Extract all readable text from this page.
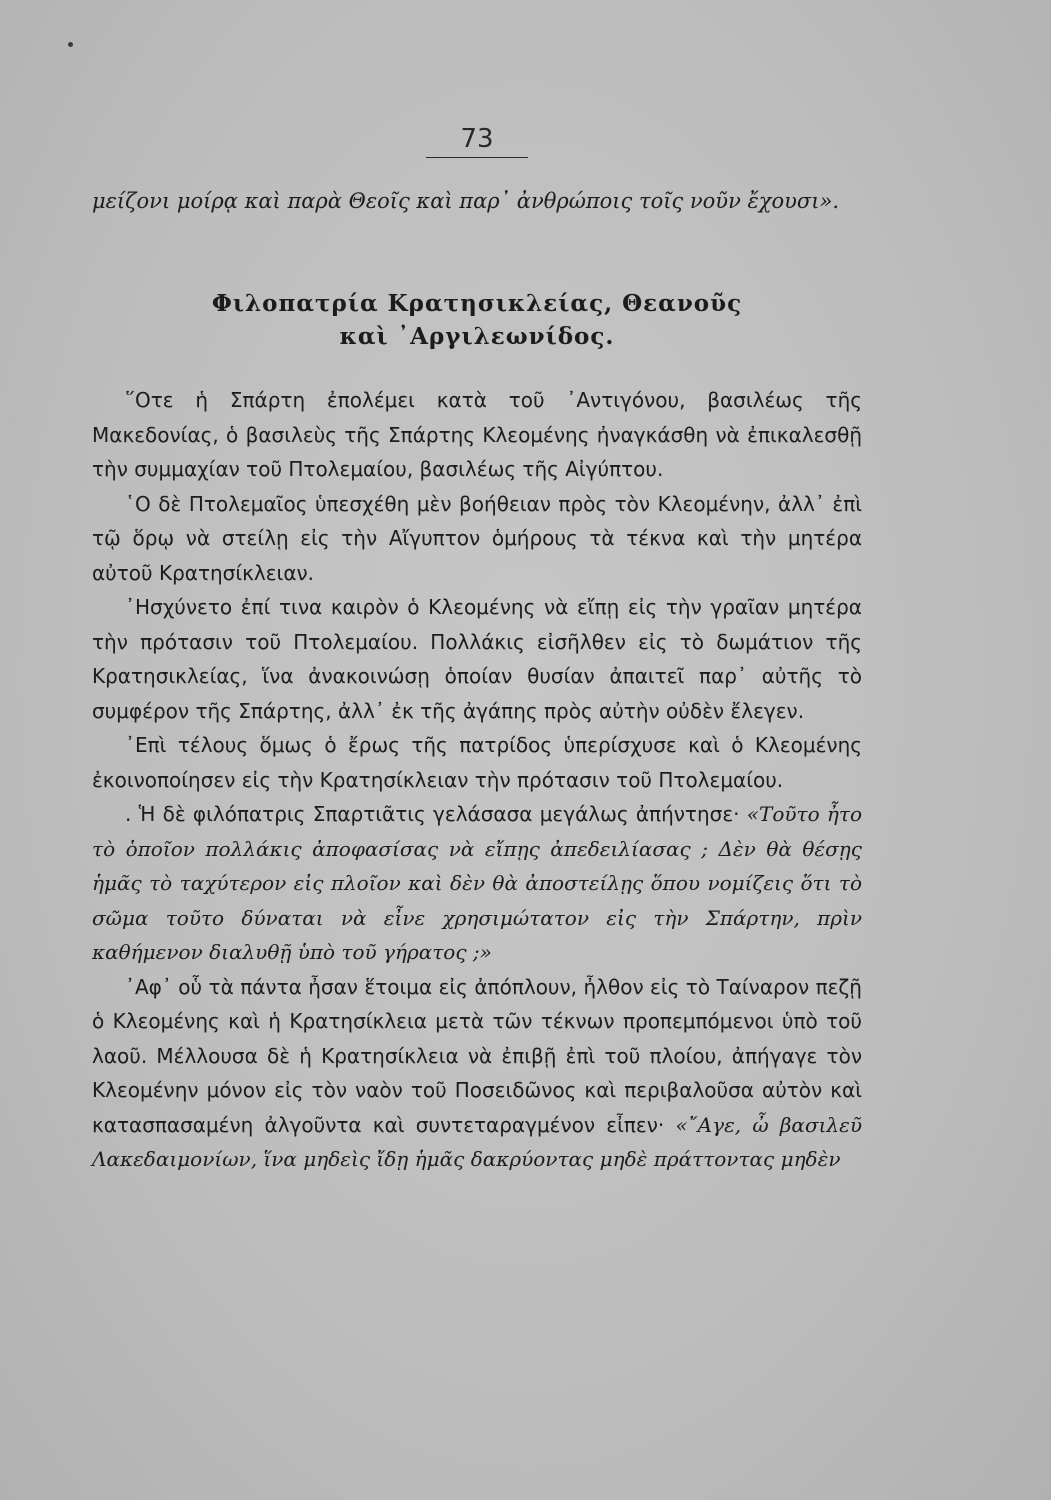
73
μείζονι μοίρᾳ καὶ παρὰ Θεοῖς καὶ παρ᾿ ἀνθρώποις τοῖς νοῦν ἔχουσι».
Φιλοπατρία Κρατησικλείας, Θεανοῦς
καὶ ᾿Αργιλεωνίδος.

῞Οτε ἡ Σπάρτη ἐπολέμει κατὰ τοῦ ᾿Αντιγόνου, βασιλέως τῆς Μακεδονίας, ὁ βασιλεὺς τῆς Σπάρτης Κλεομένης ἠναγκάσθη νὰ ἐπικαλεσθῇ τὴν συμμαχίαν τοῦ Πτολεμαίου, βασιλέως τῆς Αἰγύπτου.

῾Ο δὲ Πτολεμαῖος ὑπεσχέθη μὲν βοήθειαν πρὸς τὸν Κλεομένην, ἀλλ᾿ ἐπὶ τῷ ὅρῳ νὰ στείλῃ εἰς τὴν Αἴγυπτον ὁμήρους τὰ τέκνα καὶ τὴν μητέρα αὐτοῦ Κρατησίκλειαν.

᾿Ησχύνετο ἐπί τινα καιρὸν ὁ Κλεομένης νὰ εἴπῃ εἰς τὴν γραῖαν μητέρα τὴν πρότασιν τοῦ Πτολεμαίου. Πολλάκις εἰσῆλθεν εἰς τὸ δωμάτιον τῆς Κρατησικλείας, ἵνα ἀνακοινώσῃ ὁποίαν θυσίαν ἀπαιτεῖ παρ᾿ αὐτῆς τὸ συμφέρον τῆς Σπάρτης, ἀλλ᾿ ἐκ τῆς ἀγάπης πρὸς αὐτὴν οὐδὲν ἔλεγεν.

᾿Επὶ τέλους ὅμως ὁ ἔρως τῆς πατρίδος ὑπερίσχυσε καὶ ὁ Κλεομένης ἐκοινοποίησεν εἰς τὴν Κρατησίκλειαν τὴν πρότασιν τοῦ Πτολεμαίου.

. Ἡ δὲ φιλόπατρις Σπαρτιᾶτις γελάσασα μεγάλως ἀπήντησε· «Τοῦτο ἦτο τὸ ὁποῖον πολλάκις ἀποφασίσας νὰ εἴπῃς ἀπεδειλίασας ; Δὲν θὰ θέσῃς ἡμᾶς τὸ ταχύτερον εἰς πλοῖον καὶ δὲν θὰ ἀποστείλῃς ὅπου νομίζεις ὅτι τὸ σῶμα τοῦτο δύναται νὰ εἶνε χρησιμώτατον εἰς τὴν Σπάρτην, πρὶν καθήμενον διαλυθῇ ὑπὸ τοῦ γήρατος ;»

᾿Αφ᾿ οὗ τὰ πάντα ἦσαν ἕτοιμα εἰς ἀπόπλουν, ἦλθον εἰς τὸ Ταίναρον πεζῇ ὁ Κλεομένης καὶ ἡ Κρατησίκλεια μετὰ τῶν τέκνων προπεμπόμενοι ὑπὸ τοῦ λαοῦ. Μέλλουσα δὲ ἡ Κρατησίκλεια νὰ ἐπιβῇ ἐπὶ τοῦ πλοίου, ἀπήγαγε τὸν Κλεομένην μόνον εἰς τὸν ναὸν τοῦ Ποσειδῶνος καὶ περιβαλοῦσα αὐτὸν καὶ κατασπασαμένη ἀλγοῦντα καὶ συντεταραγμένον εἶπεν· «῎Αγε, ὦ βασιλεῦ Λακεδαιμονίων, ἵνα μηδεὶς ἴδῃ ἡμᾶς δακρύοντας μηδὲ πράττοντας μηδὲν
